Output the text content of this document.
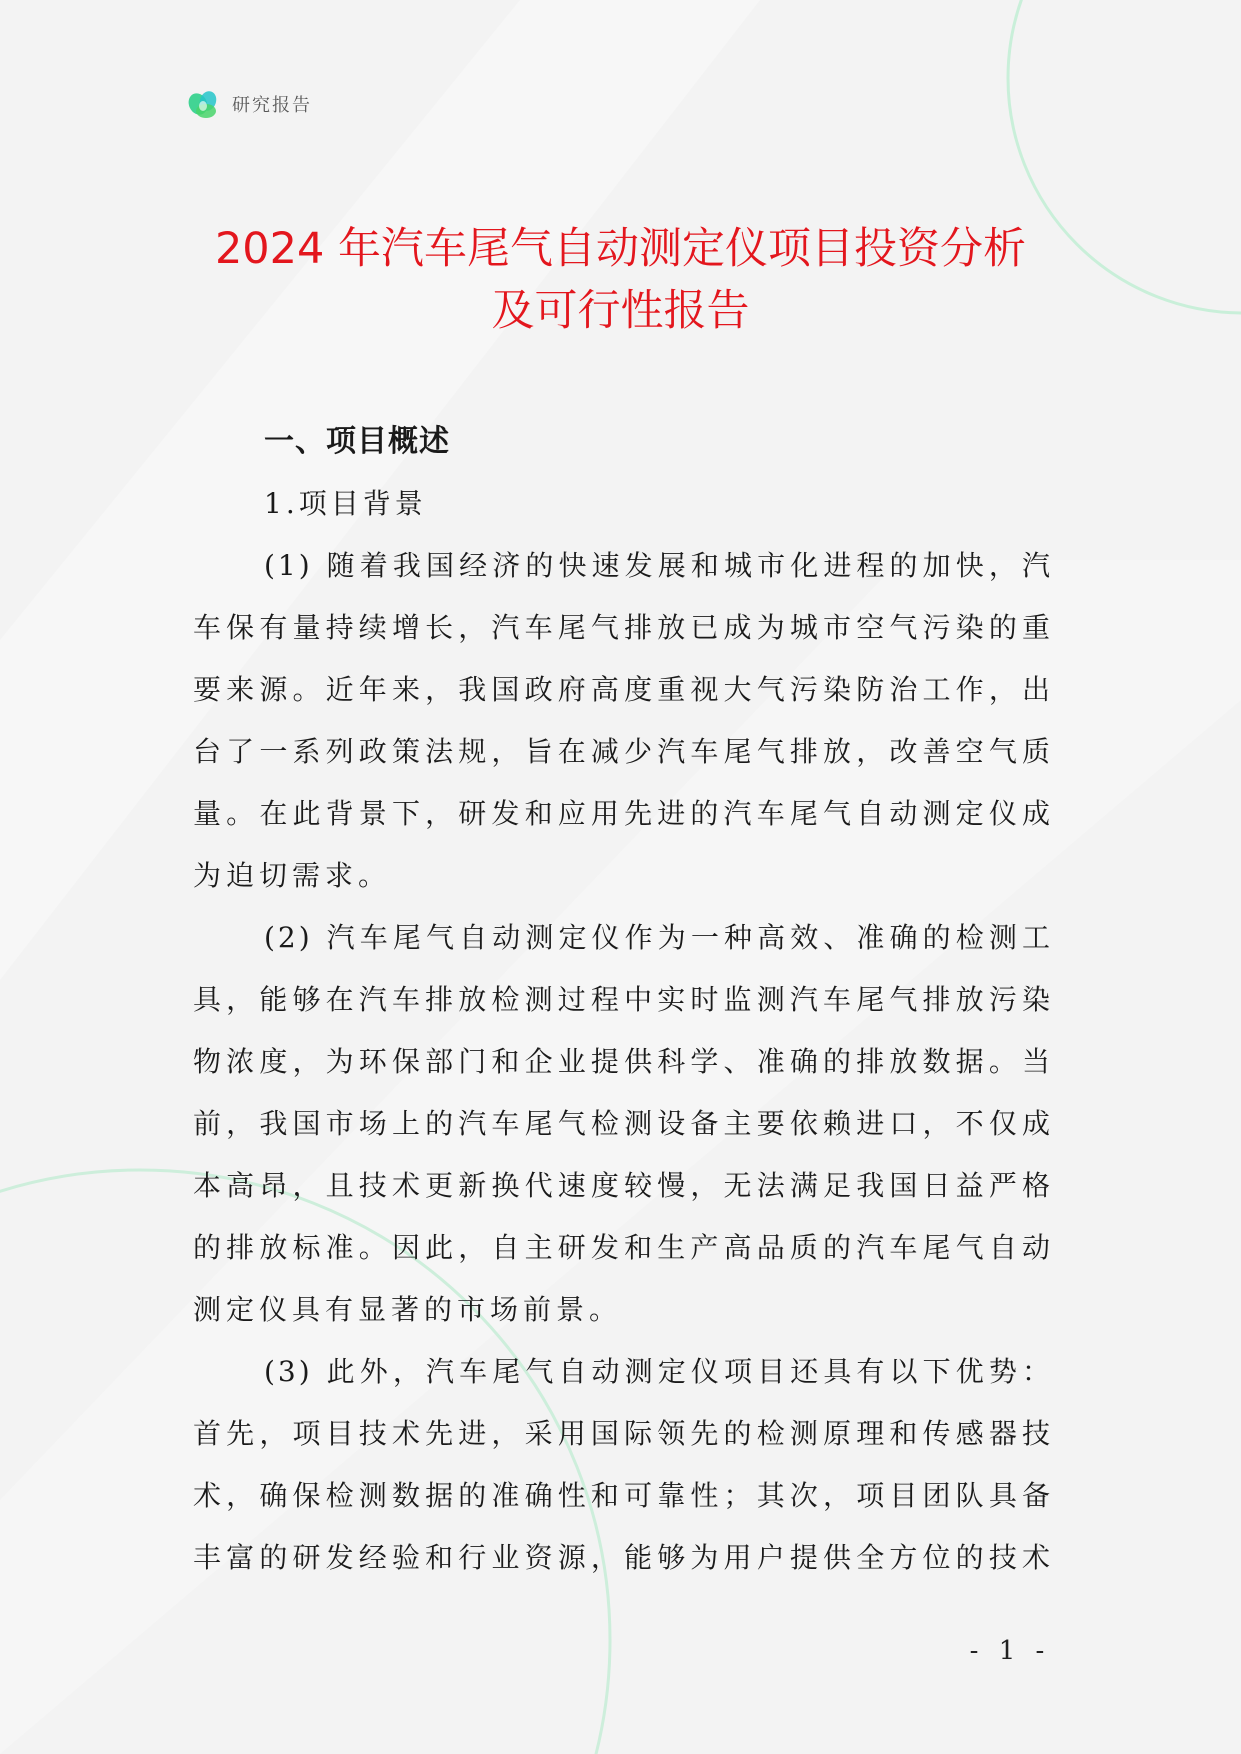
研究报告
2024 年汽车尾气自动测定仪项目投资分析
及可行性报告
一、项目概述
1.项目背景
(1) 随着我国经济的快速发展和城市化进程的加快，汽
车保有量持续增长，汽车尾气排放已成为城市空气污染的重
要来源。近年来，我国政府高度重视大气污染防治工作，出
台了一系列政策法规，旨在减少汽车尾气排放，改善空气质
量。在此背景下，研发和应用先进的汽车尾气自动测定仪成
为迫切需求。
(2) 汽车尾气自动测定仪作为一种高效、准确的检测工
具，能够在汽车排放检测过程中实时监测汽车尾气排放污染
物浓度，为环保部门和企业提供科学、准确的排放数据。当
前，我国市场上的汽车尾气检测设备主要依赖进口，不仅成
本高昂，且技术更新换代速度较慢，无法满足我国日益严格
的排放标准。因此，自主研发和生产高品质的汽车尾气自动
测定仪具有显著的市场前景。
(3) 此外，汽车尾气自动测定仪项目还具有以下优势：
首先，项目技术先进，采用国际领先的检测原理和传感器技
术，确保检测数据的准确性和可靠性；其次，项目团队具备
丰富的研发经验和行业资源，能够为用户提供全方位的技术
- 1 -
